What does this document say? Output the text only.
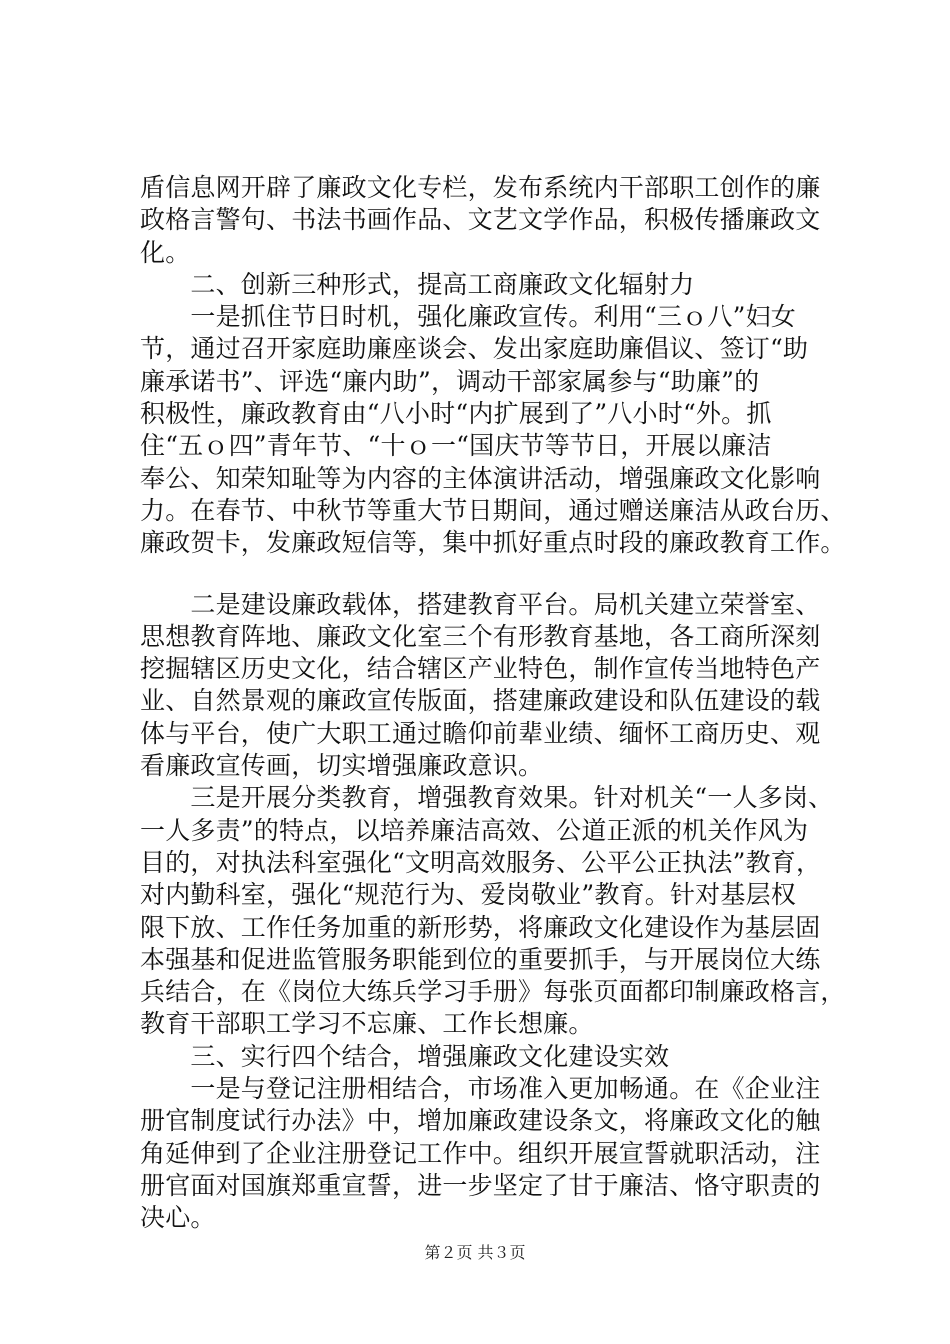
盾信息网开辟了廉政文化专栏，发布系统内干部职工创作的廉
政格言警句、书法书画作品、文艺文学作品，积极传播廉政文
化。
　　二、创新三种形式，提高工商廉政文化辐射力
　　一是抓住节日时机，强化廉政宣传。利用“三ｏ八”妇女
节，通过召开家庭助廉座谈会、发出家庭助廉倡议、签订“助
廉承诺书”、评选“廉内助”，调动干部家属参与“助廉”的
积极性，廉政教育由“八小时“内扩展到了”八小时“外。抓
住“五ｏ四”青年节、“十ｏ一“国庆节等节日，开展以廉洁
奉公、知荣知耻等为内容的主体演讲活动，增强廉政文化影响
力。在春节、中秋节等重大节日期间，通过赠送廉洁从政台历、
廉政贺卡，发廉政短信等，集中抓好重点时段的廉政教育工作。
　　二是建设廉政载体，搭建教育平台。局机关建立荣誉室、
思想教育阵地、廉政文化室三个有形教育基地，各工商所深刻
挖掘辖区历史文化，结合辖区产业特色，制作宣传当地特色产
业、自然景观的廉政宣传版面，搭建廉政建设和队伍建设的载
体与平台，使广大职工通过瞻仰前辈业绩、缅怀工商历史、观
看廉政宣传画，切实增强廉政意识。
　　三是开展分类教育，增强教育效果。针对机关“一人多岗、
一人多责”的特点，以培养廉洁高效、公道正派的机关作风为
目的，对执法科室强化“文明高效服务、公平公正执法”教育，
对内勤科室，强化“规范行为、爱岗敬业”教育。针对基层权
限下放、工作任务加重的新形势，将廉政文化建设作为基层固
本强基和促进监管服务职能到位的重要抓手，与开展岗位大练
兵结合，在《岗位大练兵学习手册》每张页面都印制廉政格言，
教育干部职工学习不忘廉、工作长想廉。
　　三、实行四个结合，增强廉政文化建设实效
　　一是与登记注册相结合，市场准入更加畅通。在《企业注
册官制度试行办法》中，增加廉政建设条文，将廉政文化的触
角延伸到了企业注册登记工作中。组织开展宣誓就职活动，注
册官面对国旗郑重宣誓，进一步坚定了甘于廉洁、恪守职责的
决心。
第２页 共３页
